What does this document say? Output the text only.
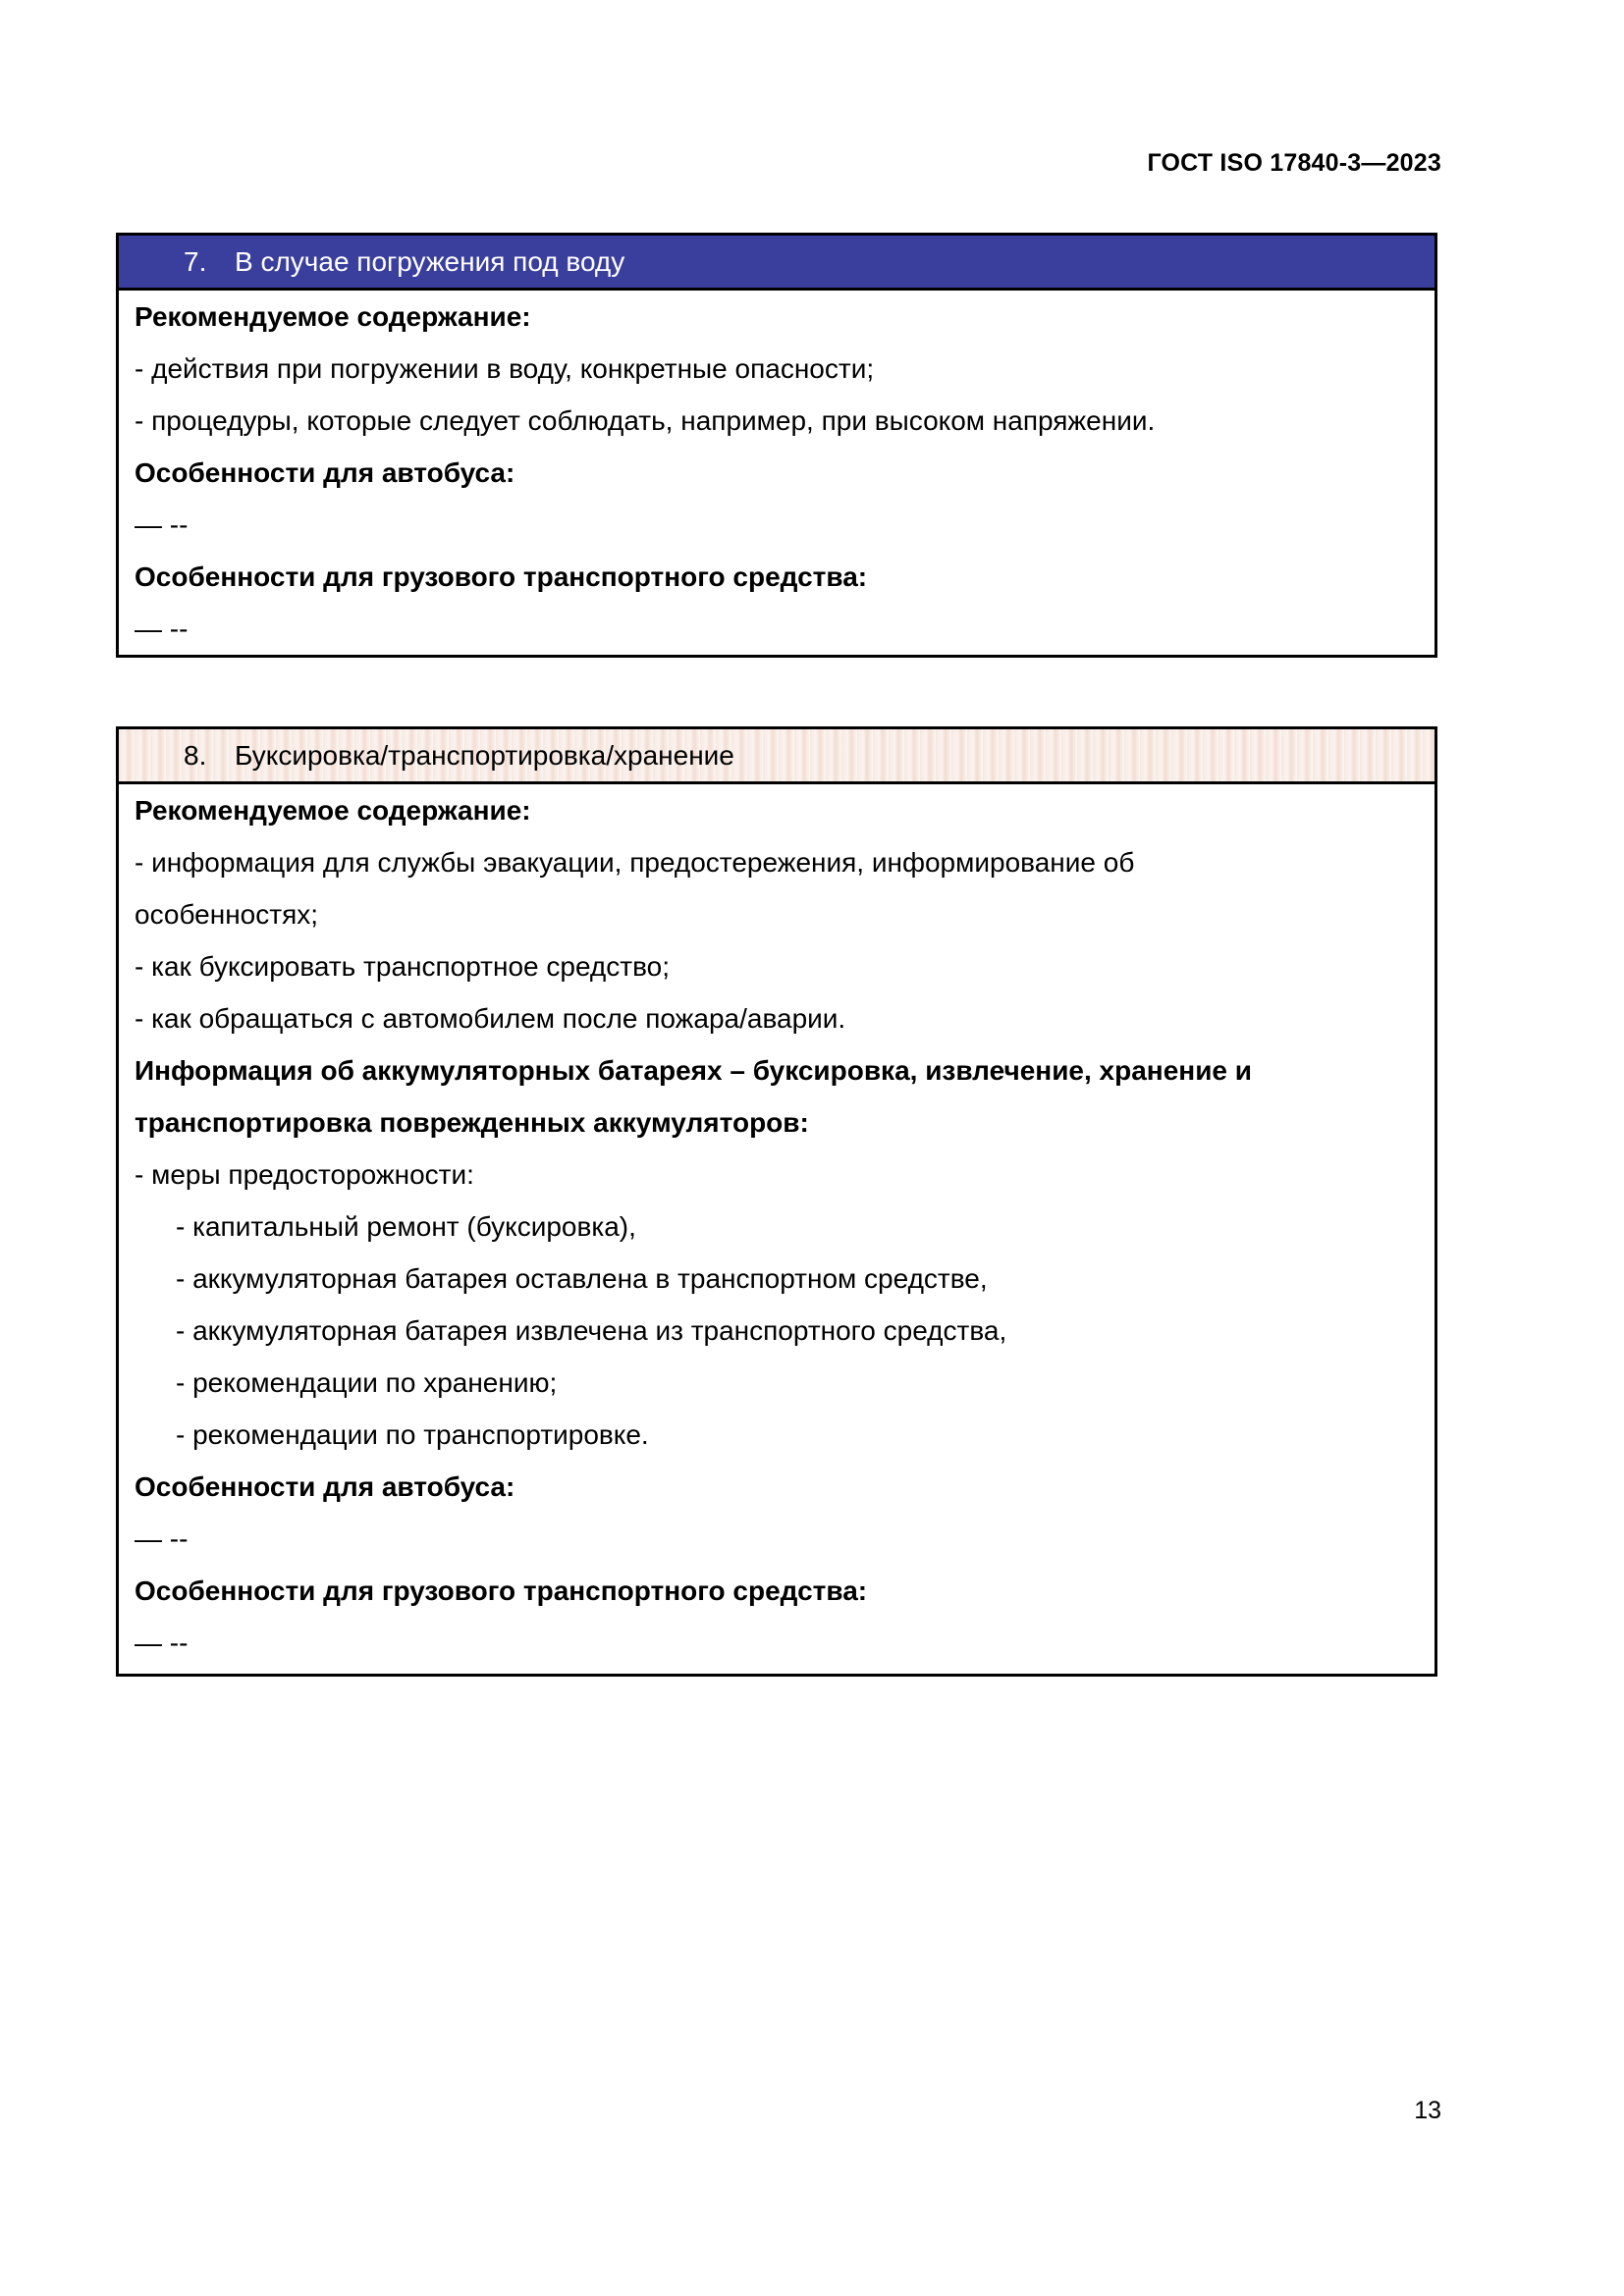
ГОСТ ISO 17840-3—2023
7.	В случае погружения под воду
Рекомендуемое содержание:
- действия при погружении в воду, конкретные опасности;
- процедуры, которые следует соблюдать, например, при высоком напряжении.
Особенности для автобуса:
— --
Особенности для грузового транспортного средства:
— --
8.	Буксировка/транспортировка/хранение
Рекомендуемое содержание:
- информация для службы эвакуации, предостережения, информирование об
особенностях;
- как буксировать транспортное средство;
- как обращаться с автомобилем после пожара/аварии.
Информация об аккумуляторных батареях – буксировка, извлечение, хранение и
транспортировка поврежденных аккумуляторов:
- меры предосторожности:
- капитальный ремонт (буксировка),
- аккумуляторная батарея оставлена в транспортном средстве,
- аккумуляторная батарея извлечена из транспортного средства,
- рекомендации по хранению;
- рекомендации по транспортировке.
Особенности для автобуса:
— --
Особенности для грузового транспортного средства:
— --
13
